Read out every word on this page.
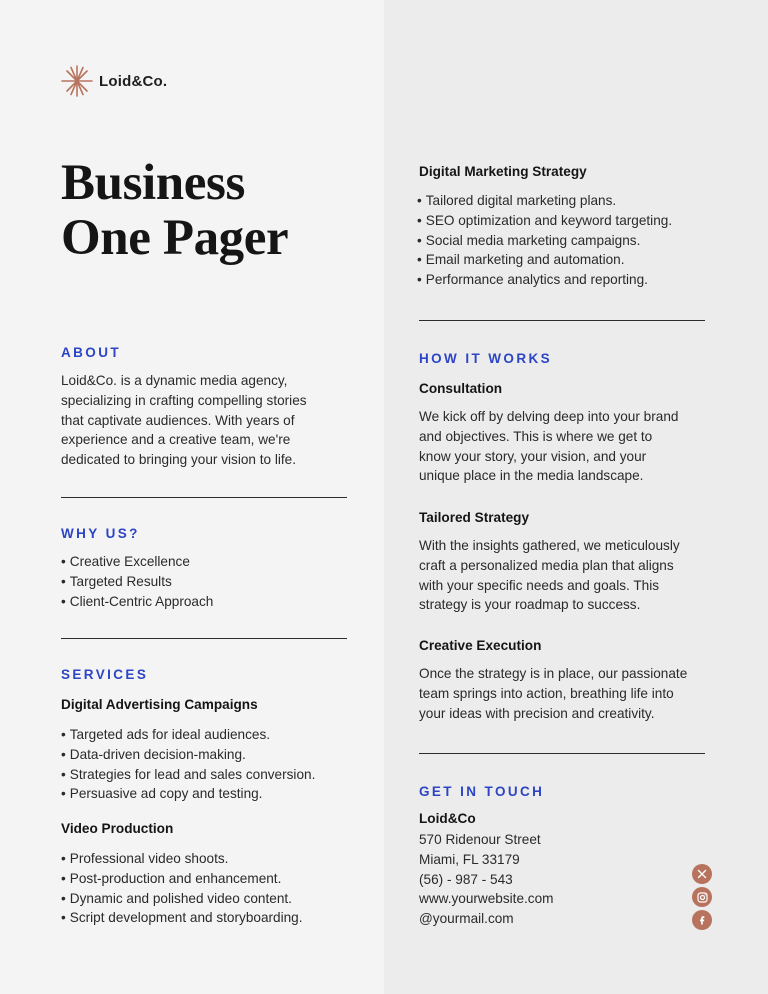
Loid&Co.
Business
One Pager
ABOUT
Loid&Co. is a dynamic media agency,
specializing in crafting compelling stories
that captivate audiences. With years of
experience and a creative team, we're
dedicated to bringing your vision to life.
WHY US?
• Creative Excellence
• Targeted Results
• Client-Centric Approach
SERVICES
Digital Advertising Campaigns
• Targeted ads for ideal audiences.
• Data-driven decision-making.
• Strategies for lead and sales conversion.
• Persuasive ad copy and testing.
Video Production
• Professional video shoots.
• Post-production and enhancement.
• Dynamic and polished video content.
• Script development and storyboarding.
Digital Marketing Strategy
• Tailored digital marketing plans.
• SEO optimization and keyword targeting.
• Social media marketing campaigns.
• Email marketing and automation.
• Performance analytics and reporting.
HOW IT WORKS
Consultation
We kick off by delving deep into your brand
and objectives. This is where we get to
know your story, your vision, and your
unique place in the media landscape.
Tailored Strategy
With the insights gathered, we meticulously
craft a personalized media plan that aligns
with your specific needs and goals. This
strategy is your roadmap to success.
Creative Execution
Once the strategy is in place, our passionate
team springs into action, breathing life into
your ideas with precision and creativity.
GET IN TOUCH
Loid&Co
570 Ridenour Street
Miami, FL 33179
(56) - 987 - 543
www.yourwebsite.com
@yourmail.com
